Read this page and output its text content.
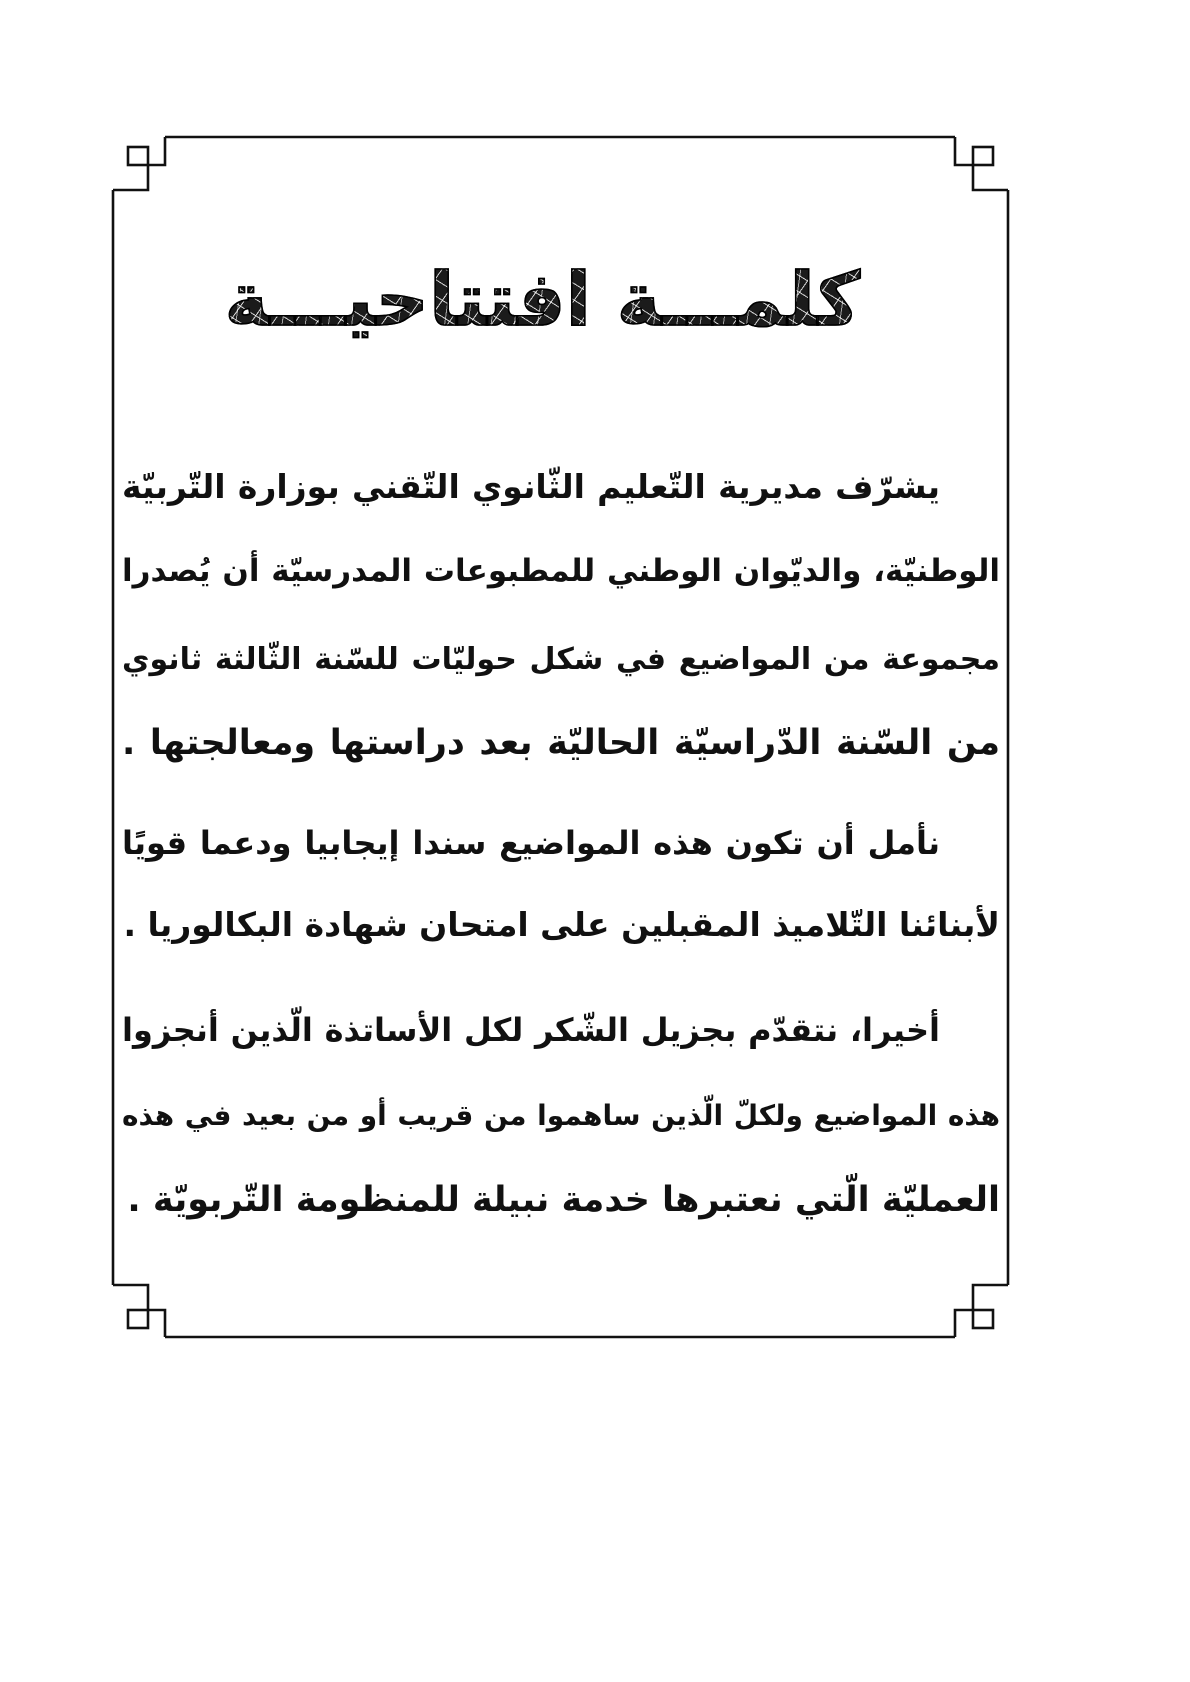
كلمـــة افتتاحيـــة
يشرّف مديرية التّعليم الثّانوي التّقني بوزارة التّربيّة
الوطنيّة، والديّوان الوطني للمطبوعات المدرسيّة أن يُصدرا
مجموعة من المواضيع في شكل حوليّات للسّنة الثّالثة ثانوي
من السّنة الدّراسيّة الحاليّة بعد دراستها ومعالجتها .
نأمل أن تكون هذه المواضيع سندا إيجابيا ودعما قويًا
لأبنائنا التّلاميذ المقبلين على امتحان شهادة البكالوريا .
أخيرا، نتقدّم بجزيل الشّكر لكل الأساتذة الّذين أنجزوا
هذه المواضيع ولكلّ الّذين ساهموا من قريب أو من بعيد في هذه
العمليّة الّتي نعتبرها خدمة نبيلة للمنظومة التّربويّة .
